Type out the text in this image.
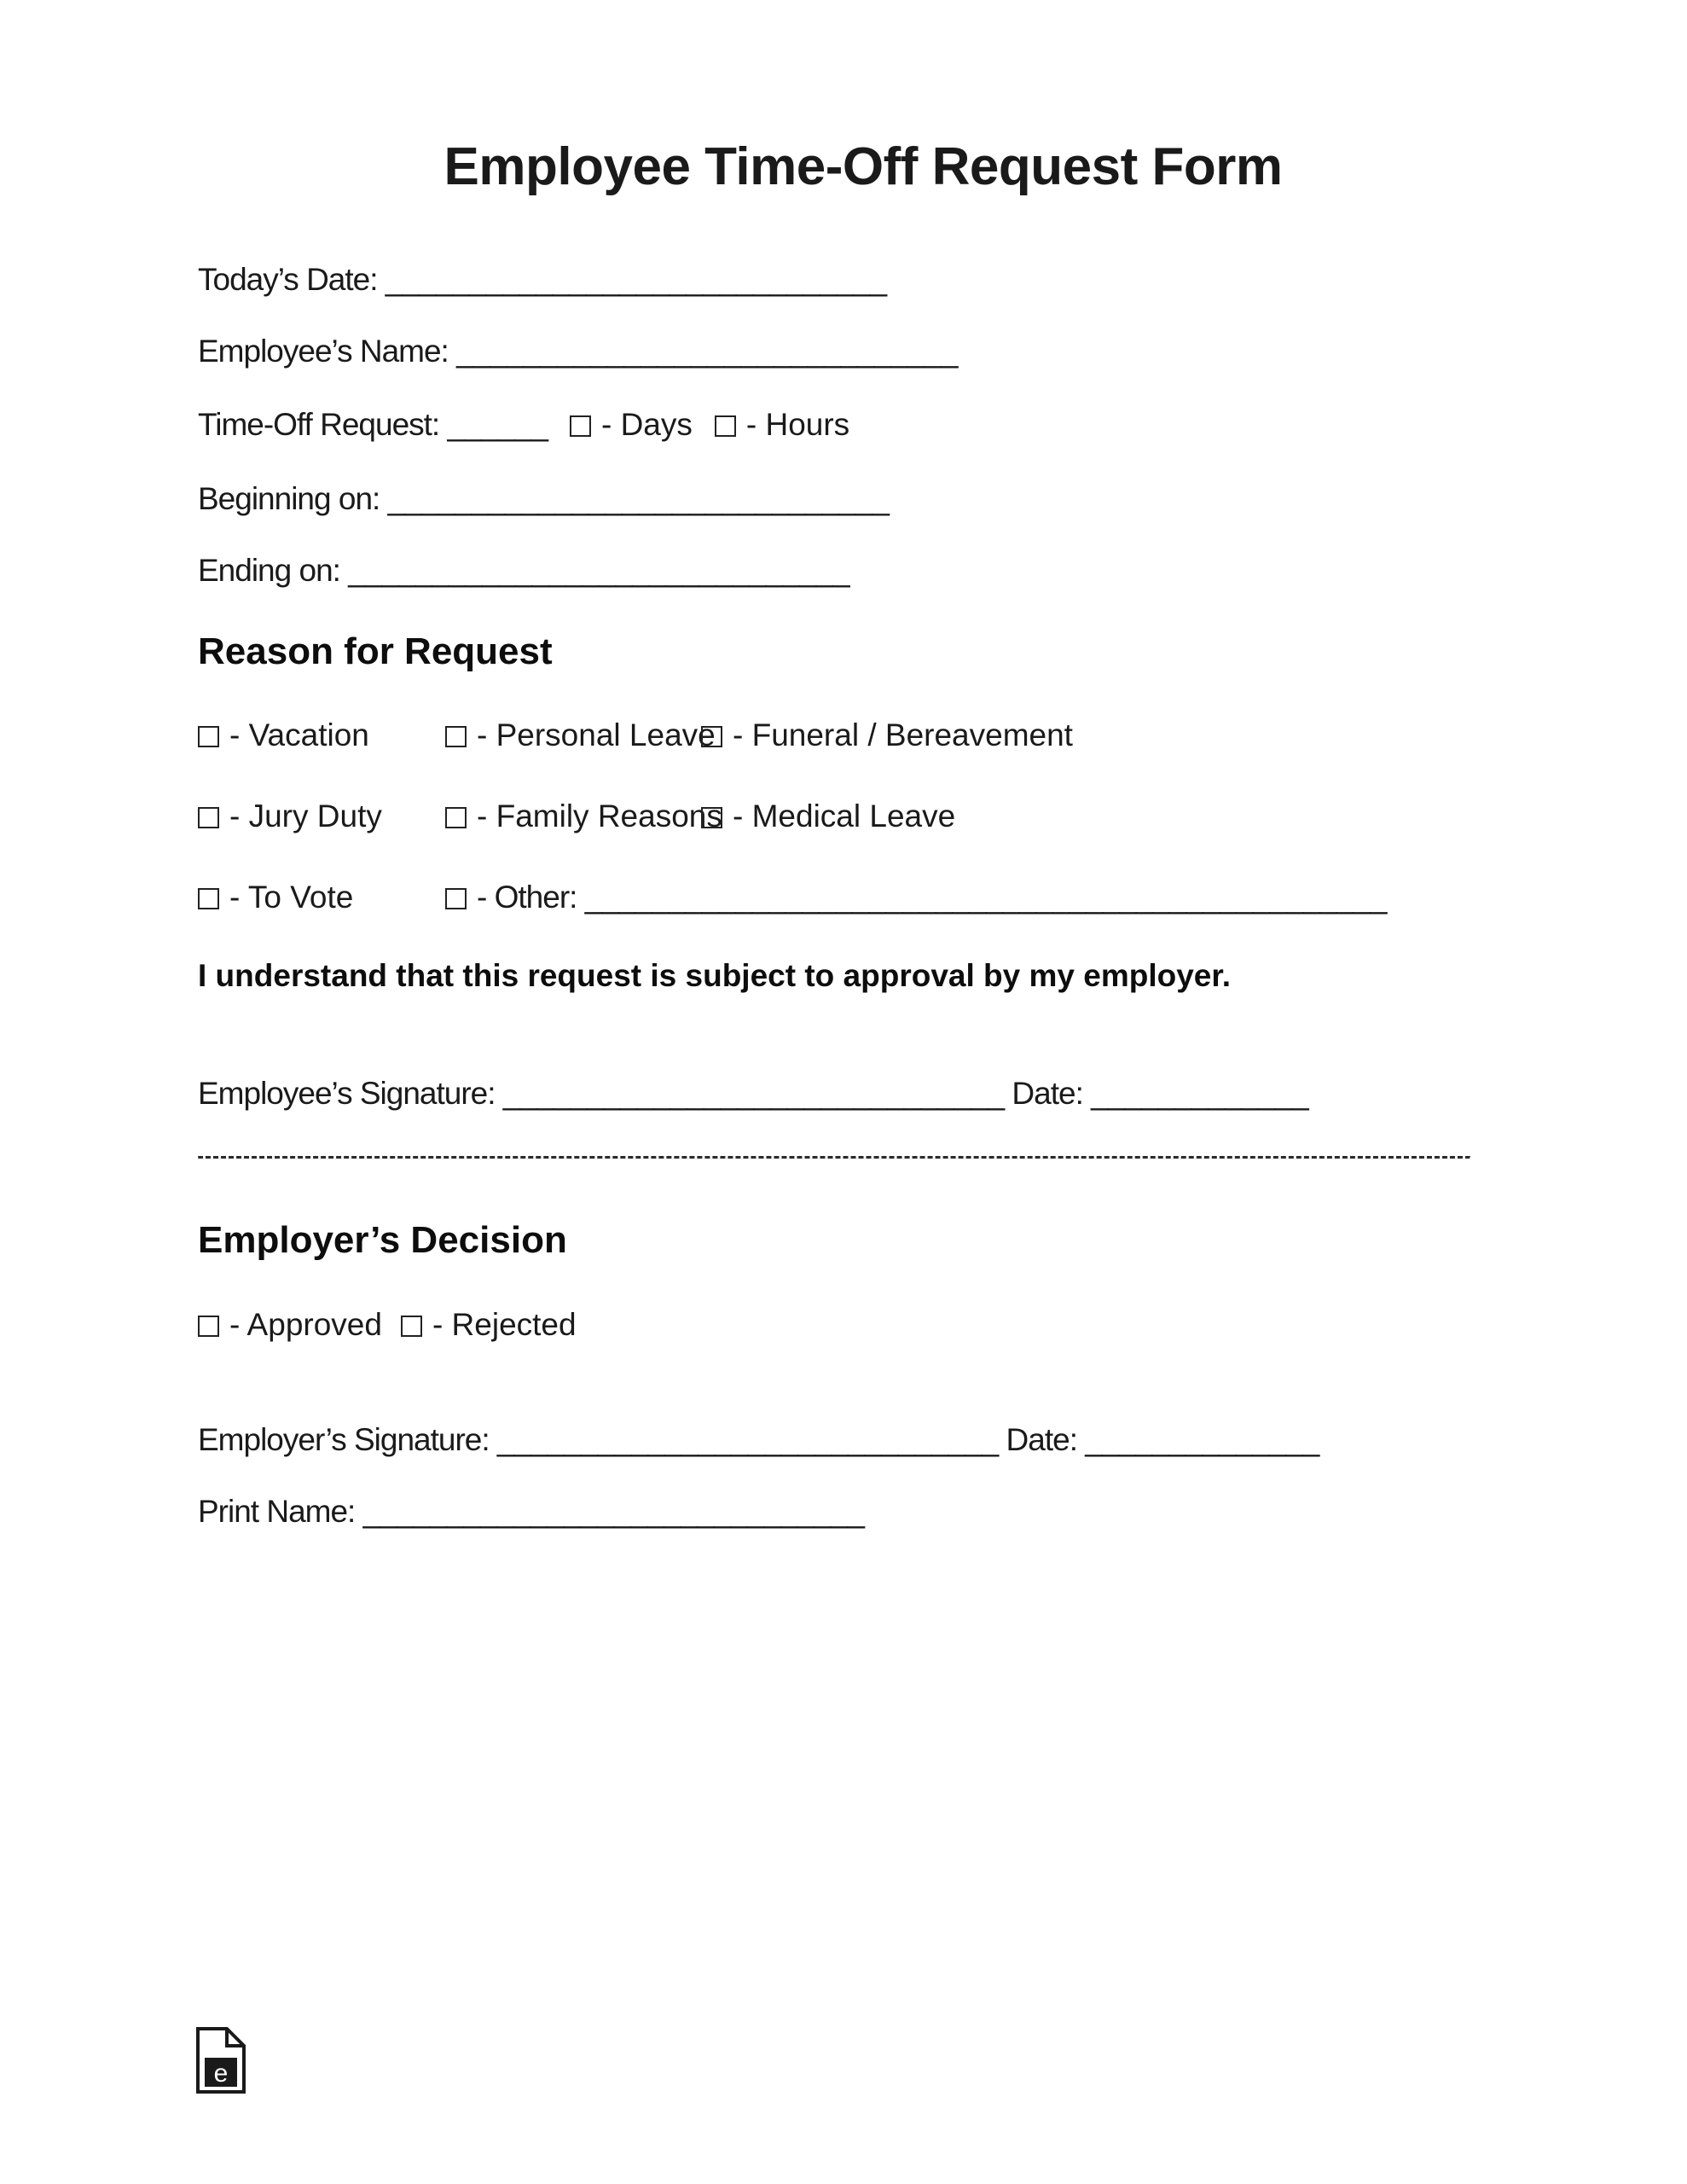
Employee Time-Off Request Form
Today’s Date: ______________________________
Employee’s Name: ______________________________
Time-Off Request: ______ - Days - Hours
Beginning on: ______________________________
Ending on: ______________________________
Reason for Request
- Vacation	- Personal Leave - Funeral / Bereavement
- Jury Duty	- Family Reasons - Medical Leave
- To Vote	- Other: ________________________________________________
I understand that this request is subject to approval by my employer.
Employee’s Signature: ______________________________ Date: _____________
Employer’s Decision
- Approved - Rejected
Employer’s Signature: ______________________________ Date: ______________
Print Name: ______________________________
e
